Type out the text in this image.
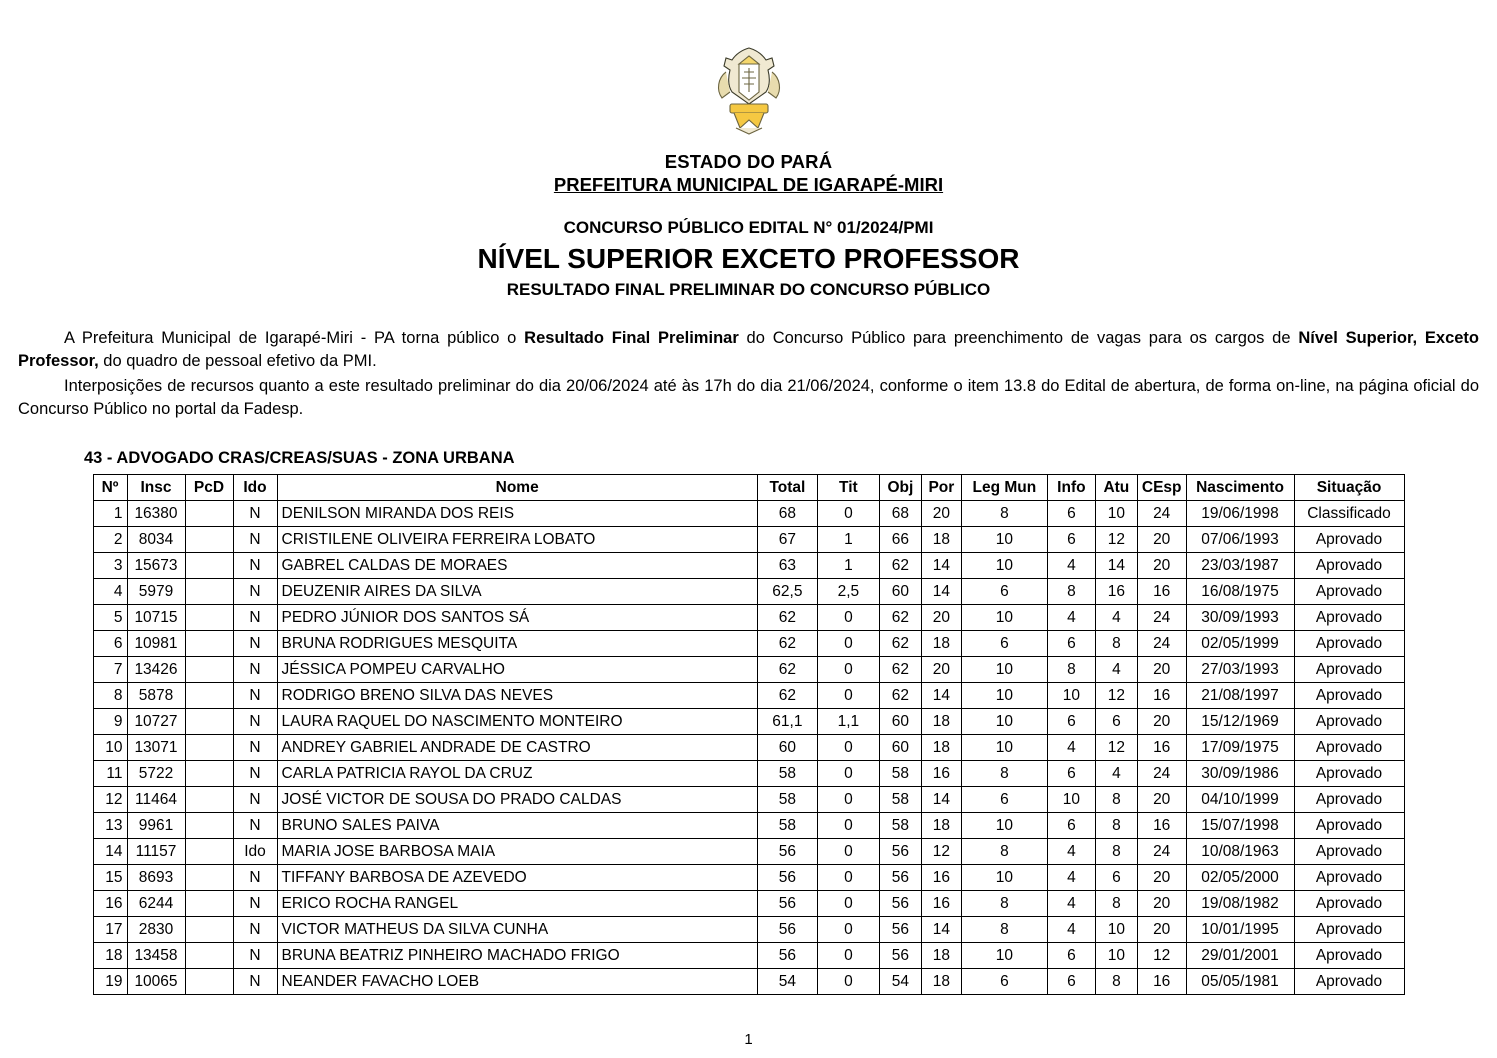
ESTADO DO PARÁ
PREFEITURA MUNICIPAL DE IGARAPÉ-MIRI
CONCURSO PÚBLICO EDITAL N° 01/2024/PMI
NÍVEL SUPERIOR EXCETO PROFESSOR
RESULTADO FINAL PRELIMINAR DO CONCURSO PÚBLICO

A Prefeitura Municipal de Igarapé-Miri - PA torna público o Resultado Final Preliminar do Concurso Público para preenchimento de vagas para os cargos de Nível Superior, Exceto Professor, do quadro de pessoal efetivo da PMI.

Interposições de recursos quanto a este resultado preliminar do dia 20/06/2024 até às 17h do dia 21/06/2024, conforme o item 13.8 do Edital de abertura, de forma on-line, na página oficial do Concurso Público no portal da Fadesp.

43 - ADVOGADO CRAS/CREAS/SUAS - ZONA URBANA
Nº	Insc	PcD	Ido	Nome	Total	Tit	Obj	Por	Leg Mun	Info	Atu	CEsp	Nascimento	Situação
1	16380		N	DENILSON MIRANDA DOS REIS	68	0	68	20	8	6	10	24	19/06/1998	Classificado
2	8034		N	CRISTILENE OLIVEIRA FERREIRA LOBATO	67	1	66	18	10	6	12	20	07/06/1993	Aprovado
3	15673		N	GABREL CALDAS DE MORAES	63	1	62	14	10	4	14	20	23/03/1987	Aprovado
4	5979		N	DEUZENIR AIRES DA SILVA	62,5	2,5	60	14	6	8	16	16	16/08/1975	Aprovado
5	10715		N	PEDRO JÚNIOR DOS SANTOS SÁ	62	0	62	20	10	4	4	24	30/09/1993	Aprovado
6	10981		N	BRUNA RODRIGUES MESQUITA	62	0	62	18	6	6	8	24	02/05/1999	Aprovado
7	13426		N	JÉSSICA POMPEU CARVALHO	62	0	62	20	10	8	4	20	27/03/1993	Aprovado
8	5878		N	RODRIGO BRENO SILVA DAS NEVES	62	0	62	14	10	10	12	16	21/08/1997	Aprovado
9	10727		N	LAURA RAQUEL DO NASCIMENTO MONTEIRO	61,1	1,1	60	18	10	6	6	20	15/12/1969	Aprovado
10	13071		N	ANDREY GABRIEL ANDRADE DE CASTRO	60	0	60	18	10	4	12	16	17/09/1975	Aprovado
11	5722		N	CARLA PATRICIA RAYOL DA CRUZ	58	0	58	16	8	6	4	24	30/09/1986	Aprovado
12	11464		N	JOSÉ VICTOR DE SOUSA DO PRADO CALDAS	58	0	58	14	6	10	8	20	04/10/1999	Aprovado
13	9961		N	BRUNO SALES PAIVA	58	0	58	18	10	6	8	16	15/07/1998	Aprovado
14	11157		Ido	MARIA JOSE BARBOSA MAIA	56	0	56	12	8	4	8	24	10/08/1963	Aprovado
15	8693		N	TIFFANY BARBOSA DE AZEVEDO	56	0	56	16	10	4	6	20	02/05/2000	Aprovado
16	6244		N	ERICO ROCHA RANGEL	56	0	56	16	8	4	8	20	19/08/1982	Aprovado
17	2830		N	VICTOR MATHEUS DA SILVA CUNHA	56	0	56	14	8	4	10	20	10/01/1995	Aprovado
18	13458		N	BRUNA BEATRIZ PINHEIRO MACHADO FRIGO	56	0	56	18	10	6	10	12	29/01/2001	Aprovado
19	10065		N	NEANDER FAVACHO LOEB	54	0	54	18	6	6	8	16	05/05/1981	Aprovado
1
